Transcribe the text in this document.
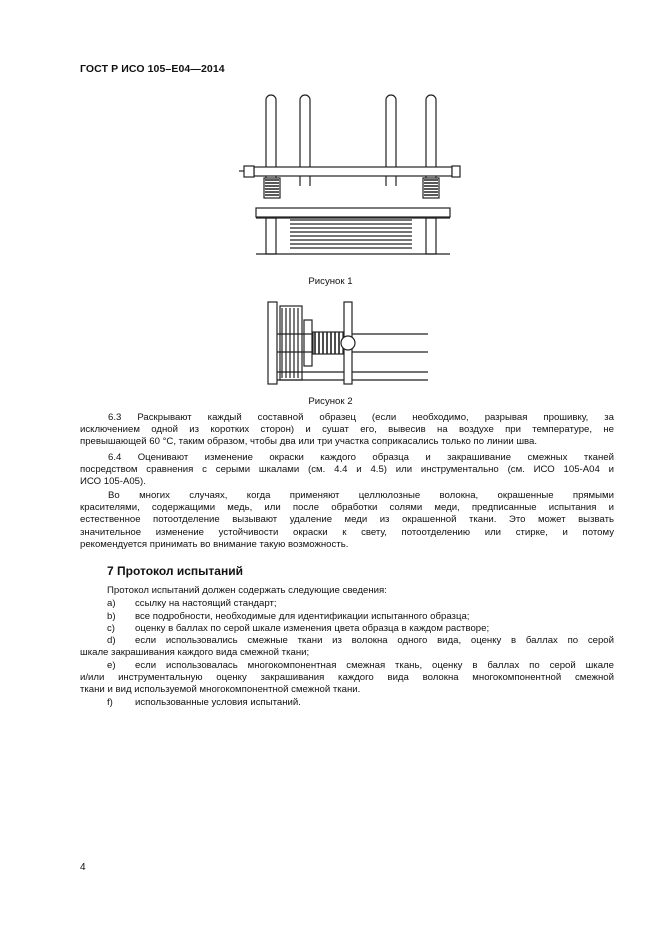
ГОСТ Р ИСО 105–Е04—2014
Рисунок 1
Рисунок 2
6.3 Раскрывают каждый составной образец (если необходимо, разрывая прошивку, за
исключением одной из коротких сторон) и сушат его, вывесив на воздухе при температуре, не
превышающей 60 °С, таким образом, чтобы два или три участка соприкасались только по линии шва.
6.4 Оценивают изменение окраски каждого образца и закрашивание смежных тканей
посредством сравнения с серыми шкалами (см. 4.4 и 4.5) или инструментально (см. ИСО 105-А04 и
ИСО 105-А05).
Во многих случаях, когда применяют целлюлозные волокна, окрашенные прямыми
красителями, содержащими медь, или после обработки солями меди, предписанные испытания и
естественное потоотделение вызывают удаление меди из окрашенной ткани. Это может вызвать
значительное изменение устойчивости окраски к свету, потоотделению или стирке, и потому
рекомендуется принимать во внимание такую возможность.
7 Протокол испытаний
Протокол испытаний должен содержать следующие сведения:
a) ссылку на настоящий стандарт;
b) все подробности, необходимые для идентификации испытанного образца;
c) оценку в баллах по серой шкале изменения цвета образца в каждом растворе;
d) если использовались смежные ткани из волокна одного вида, оценку в баллах по серой
шкале закрашивания каждого вида смежной ткани;
e) если использовалась многокомпонентная смежная ткань, оценку в баллах по серой шкале
и/или инструментальную оценку закрашивания каждого вида волокна многокомпонентной смежной
ткани и вид используемой многокомпонентной смежной ткани.
f) использованные условия испытаний.
4
